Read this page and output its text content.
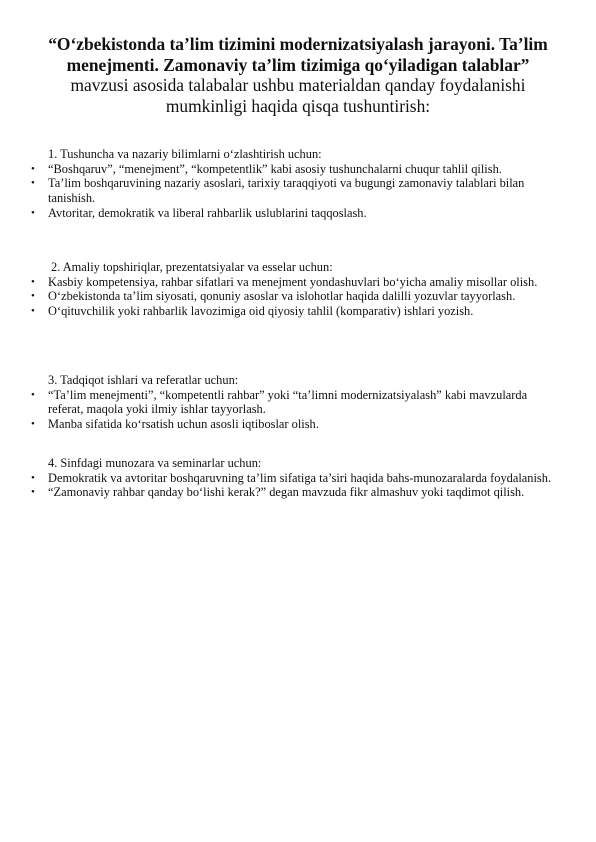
“O‘zbekistonda ta’lim tizimini modernizatsiyalash jarayoni. Ta’lim menejmenti. Zamonaviy ta’lim tizimiga qo‘yiladigan talablar” mavzusi asosida talabalar ushbu materialdan qanday foydalanishi mumkinligi haqida qisqa tushuntirish:

1. Tushuncha va nazariy bilimlarni o‘zlashtirish uchun:

•	“Boshqaruv”, “menejment”, “kompetentlik” kabi asosiy tushunchalarni chuqur tahlil qilish.
•	Ta’lim boshqaruvining nazariy asoslari, tarixiy taraqqiyoti va bugungi zamonaviy talablari bilan tanishish.
•	Avtoritar, demokratik va liberal rahbarlik uslublarini taqqoslash.

2. Amaliy topshiriqlar, prezentatsiyalar va esselar uchun:

•	Kasbiy kompetensiya, rahbar sifatlari va menejment yondashuvlari bo‘yicha amaliy misollar olish.
•	O‘zbekistonda ta’lim siyosati, qonuniy asoslar va islohotlar haqida dalilli yozuvlar tayyorlash.
•	O‘qituvchilik yoki rahbarlik lavozimiga oid qiyosiy tahlil (komparativ) ishlari yozish.

3. Tadqiqot ishlari va referatlar uchun:

•	“Ta’lim menejmenti”, “kompetentli rahbar” yoki “ta’limni modernizatsiyalash” kabi mavzularda referat, maqola yoki ilmiy ishlar tayyorlash.
•	Manba sifatida ko‘rsatish uchun asosli iqtiboslar olish.

4. Sinfdagi munozara va seminarlar uchun:

•	Demokratik va avtoritar boshqaruvning ta’lim sifatiga ta’siri haqida bahs-munozaralarda foydalanish.
•	“Zamonaviy rahbar qanday bo‘lishi kerak?” degan mavzuda fikr almashuv yoki taqdimot qilish.
